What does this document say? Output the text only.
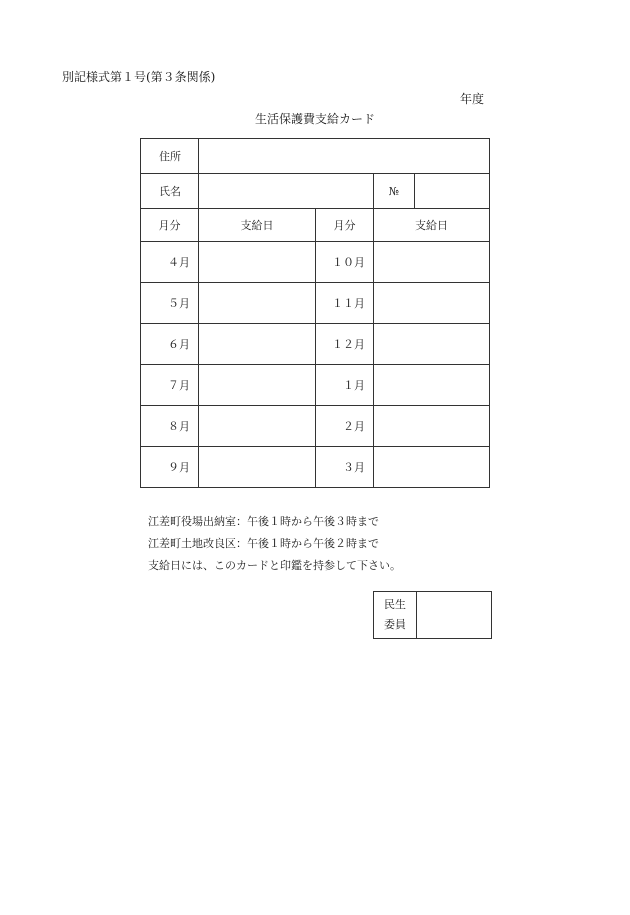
別記様式第１号(第３条関係)
年度
生活保護費支給カード
住所				
氏名			№	
月分	支給日	月分	支給日	
４月		１０月		
５月		１１月		
６月		１２月		
７月		１月		
８月		２月		
９月		３月		
江差町役場出納室：午後１時から午後３時まで
江差町土地改良区：午後１時から午後２時まで
支給日には、このカードと印鑑を持参して下さい。
民生
委員
